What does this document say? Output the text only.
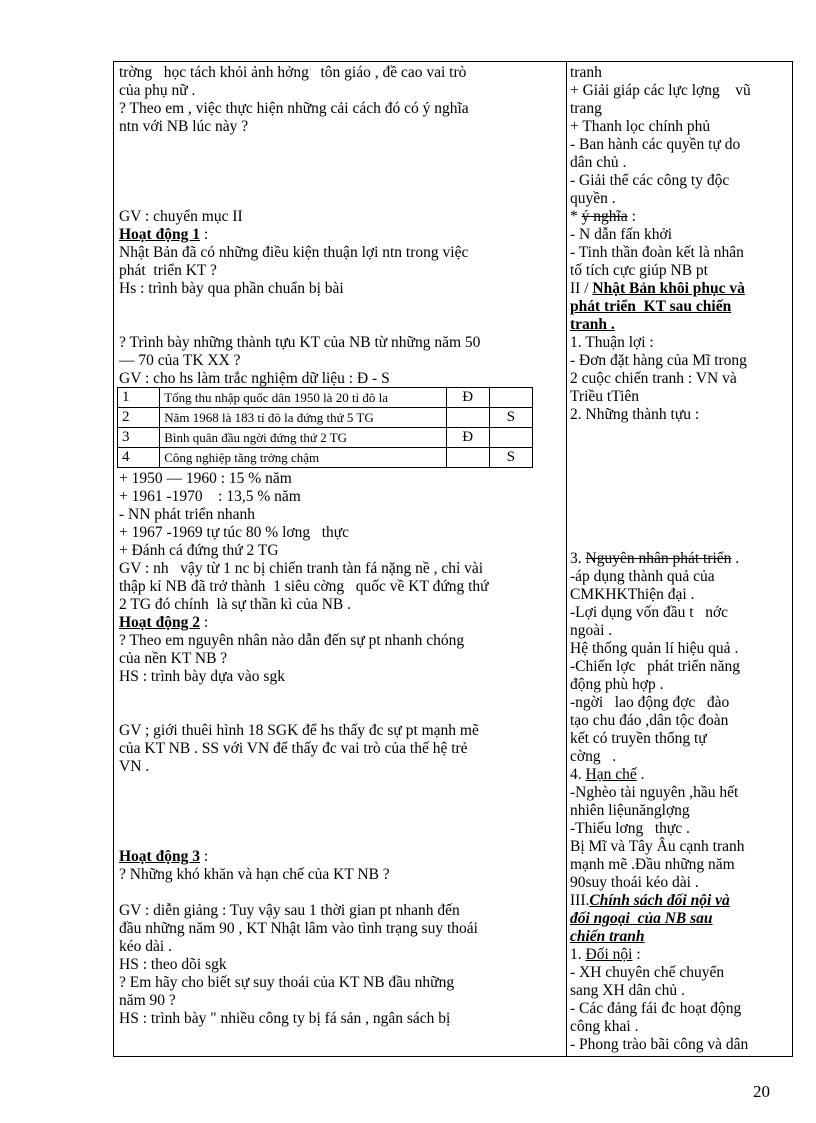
trờng   học tách khỏi ảnh hởng   tôn giáo , đề cao vai trò
của phụ nữ .
? Theo em , việc thực hiện những cải cách đó có ý nghĩa
ntn với NB lúc này ?
GV : chuyển mục II
Hoạt động 1 :
Nhật Bản đã có những điều kiện thuận lợi ntn trong việc
phát  triển KT ?
Hs : trình bày qua phần chuẩn bị bài
? Trình bày những thành tựu KT của NB từ những năm 50
— 70 của TK XX ?
GV : cho hs làm trắc nghiệm dữ liệu : Đ - S
+ 1950 — 1960 : 15 % năm
+ 1961 -1970    : 13,5 % năm
- NN phát triển nhanh
+ 1967 -1969 tự túc 80 % lơng   thực
+ Đánh cá đứng thứ 2 TG
GV : nh   vậy từ 1 nc bị chiến tranh tàn fá nặng nề , chỉ vài
thập kỉ NB đã trở thành  1 siêu cờng   quốc về KT đứng thứ
2 TG đó chính  là sự thần kì của NB .
Hoạt động 2 :
? Theo em nguyên nhân nào dẫn đến sự pt nhanh chóng
của nền KT NB ?
HS : trình bày dựa vào sgk
GV ; giới thuêi hình 18 SGK để hs thấy đc sự pt mạnh mẽ
của KT NB . SS với VN để thấy đc vai trò của thế hệ trẻ
VN .
Hoạt động 3 :
? Những khó khăn và hạn chế của KT NB ?
GV : diễn giảng : Tuy vậy sau 1 thời gian pt nhanh đến
đầu những năm 90 , KT Nhật lâm vào tình trạng suy thoái
kéo dài .
HS : theo dõi sgk
? Em hãy cho biết sự suy thoái của KT NB đầu những
năm 90 ?
HS : trình bày " nhiều công ty bị fá sản , ngân sách bị
1	Tổng thu nhập quốc dân 1950 là 20 tỉ đô la	Đ	
2	Năm 1968 là 183 tỉ đô la đứng thứ 5 TG		S
3	Bình quân đầu ngời đứng thứ 2 TG	Đ	
4	Công nghiệp tăng trởng chậm		S
tranh
+ Giải giáp các lực lợng    vũ
trang
+ Thanh lọc chính phủ
- Ban hành các quyền tự do
dân chủ .
- Giải thể các công ty độc
quyền .
* ý nghĩa :
- N dẫn fấn khởi
- Tinh thần đoàn kết là nhân
tố tích cực giúp NB pt
II / Nhật Bản khôi phục và
phát triển  KT sau chiến
tranh .
1. Thuận lợi :
- Đơn đặt hàng của Mĩ trong
2 cuộc chiến tranh : VN và
Triều tTiên
2. Những thành tựu :
3. Nguyên nhân phát triển .
-áp dụng thành quả của
CMKHKThiện đại .
-Lợi dụng vốn đầu t   nớc
ngoài .
Hệ thống quản lí hiệu quả .
-Chiến lợc   phát triển năng
động phù hợp .
-ngời   lao động đợc   đào
tạo chu đáo ,dân tộc đoàn
kết có truyền thống tự
cờng   .
4. Hạn chế .
-Nghèo tài nguyên ,hầu hết
nhiên liệunănglợng
-Thiếu lơng   thực .
Bị Mĩ và Tây Âu cạnh tranh
mạnh mẽ .Đầu những năm
90suy thoái kéo dài .
III.Chính sách đối nội và
đối ngoại  của NB sau
chiến tranh
1. Đối nội :
- XH chuyên chế chuyển
sang XH dân chủ .
- Các đảng fái đc hoạt động
công khai .
- Phong trào bãi công và dân
20
